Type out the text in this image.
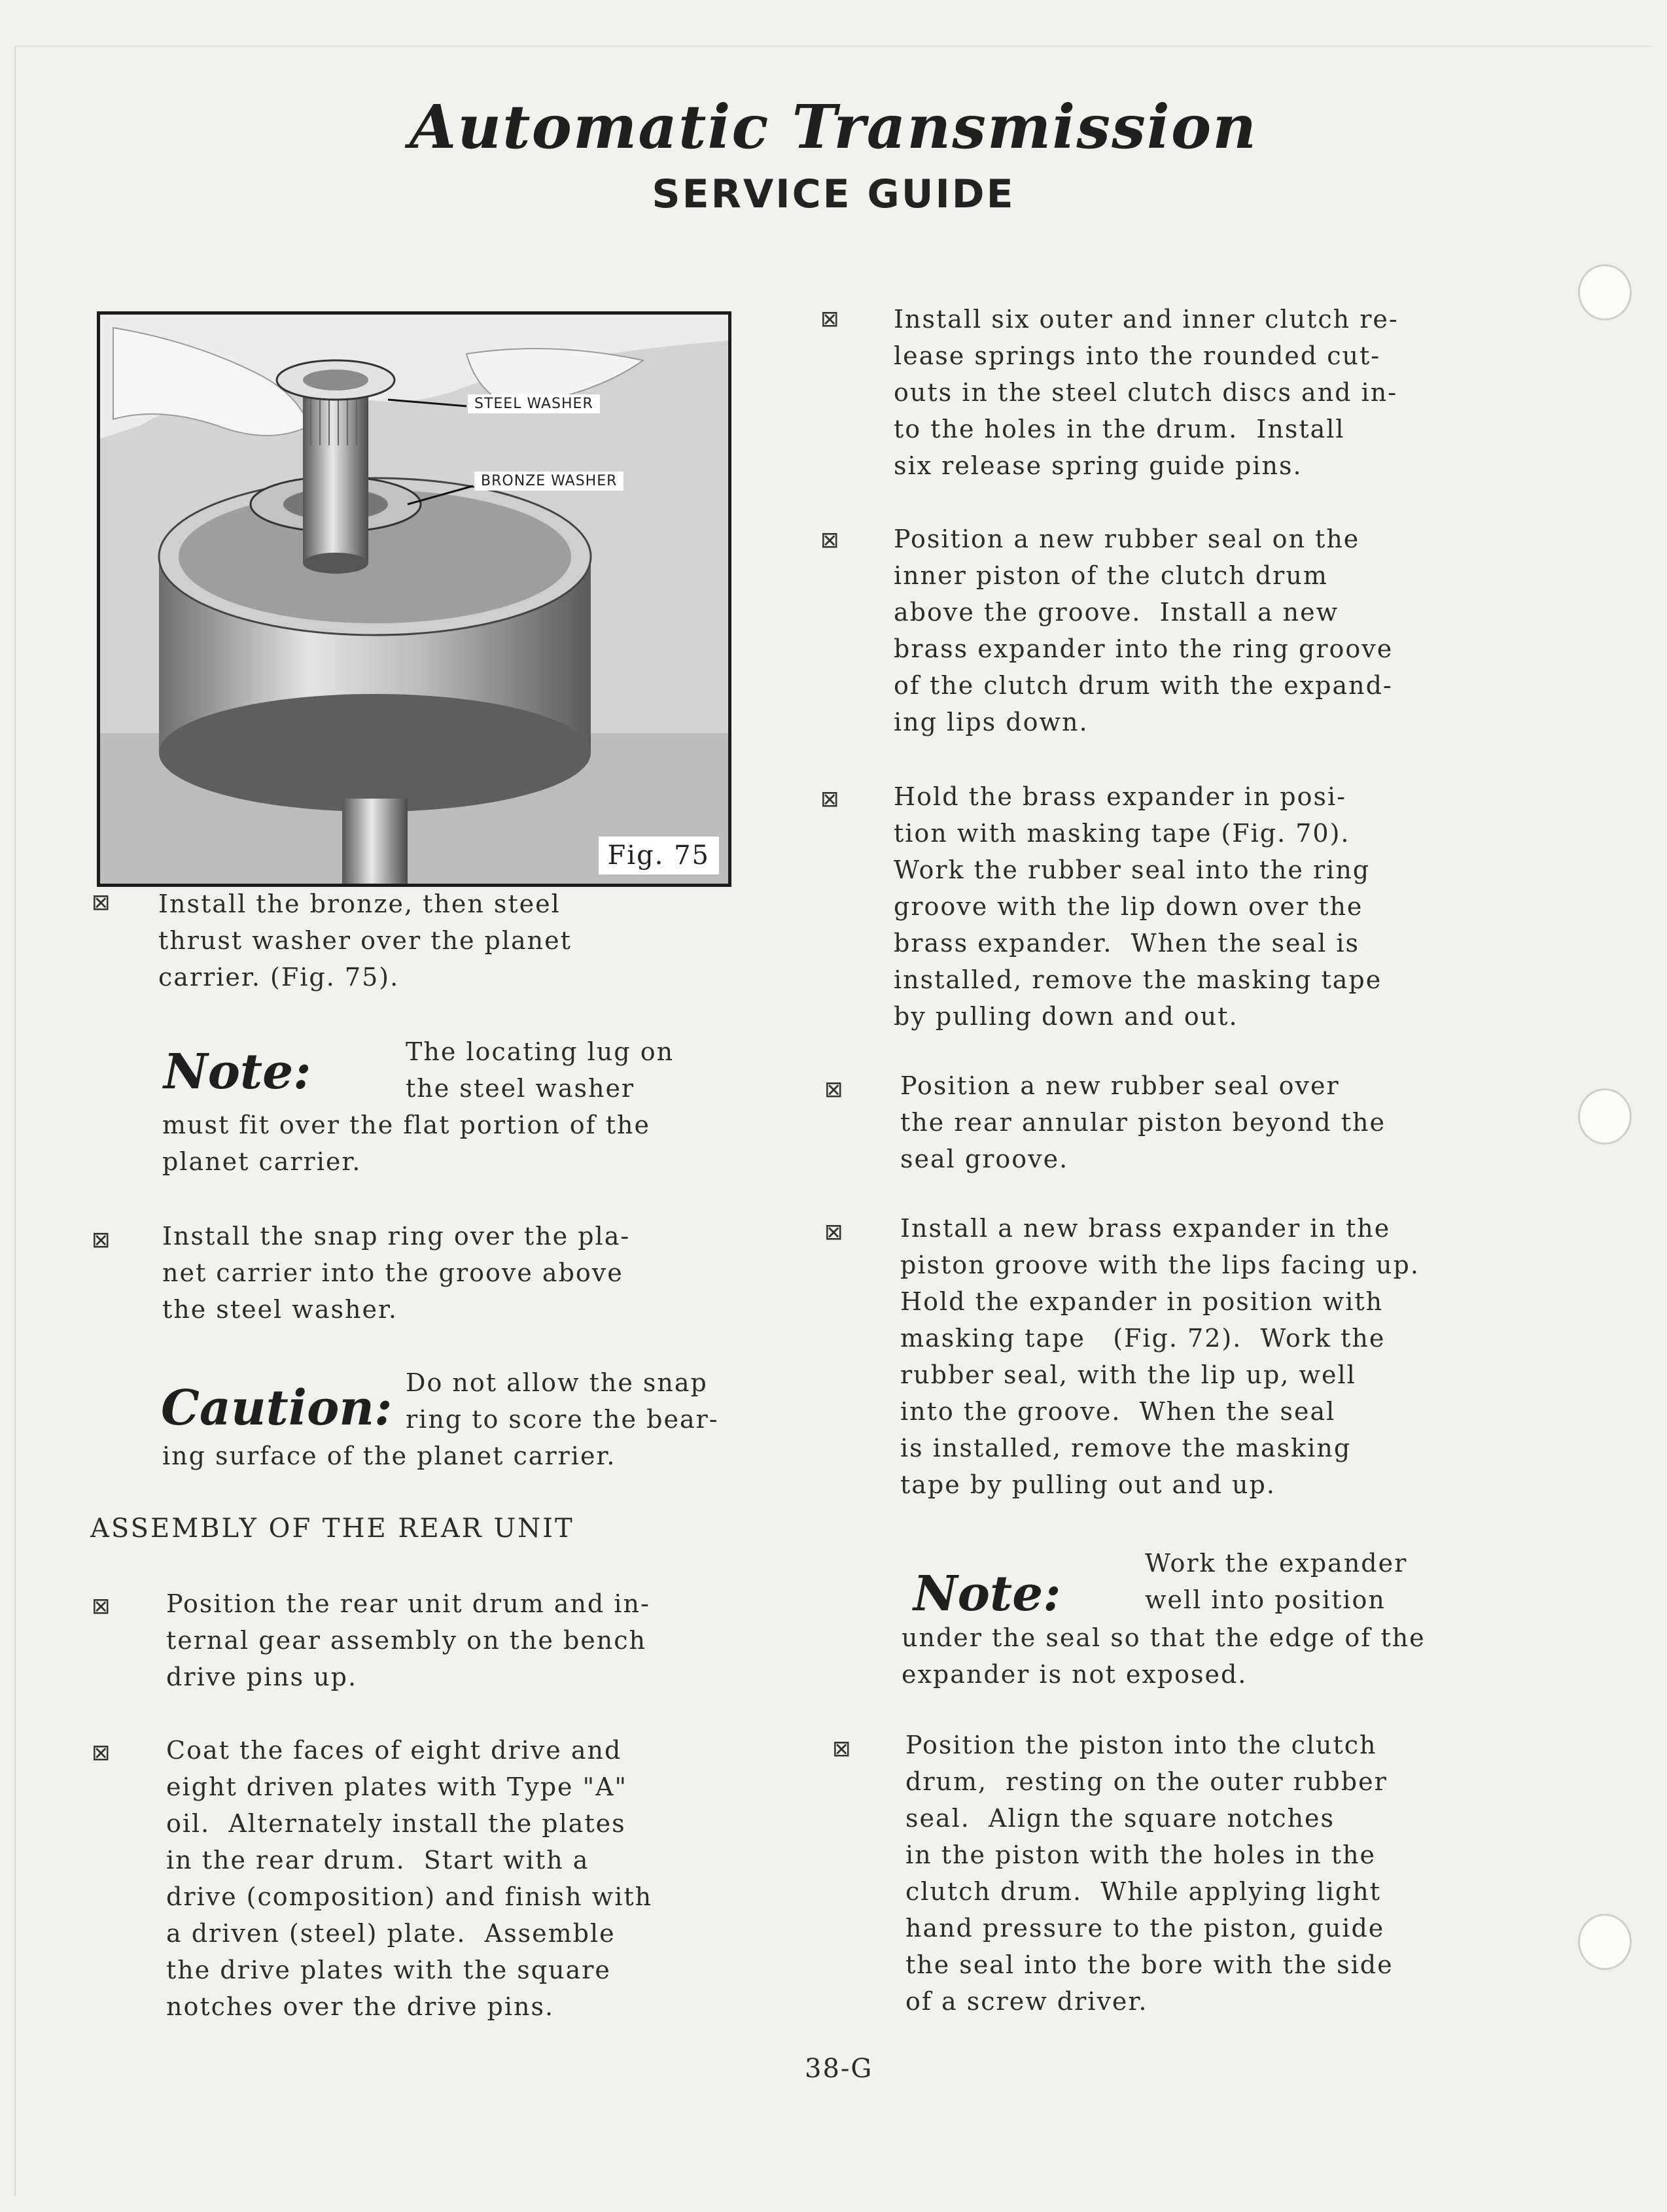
Automatic Transmission
SERVICE GUIDE
STEEL WASHER
BRONZE WASHER
Fig. 75
⊠ Install the bronze, then steel
thrust washer over the planet
carrier. (Fig. 75).
Note:	The locating lug on
the steel washer
must fit over the flat portion of the
planet carrier.
⊠ Install the snap ring over the pla-
net carrier into the groove above
the steel washer.
Caution: Do not allow the snap
ring to score the bear-
ing surface of the planet carrier.
ASSEMBLY OF THE REAR UNIT
⊠ Position the rear unit drum and in-
ternal gear assembly on the bench
drive pins up.
⊠ Coat the faces of eight drive and
eight driven plates with Type "A"
oil.  Alternately install the plates
in the rear drum.  Start with a
drive (composition) and finish with
a driven (steel) plate.  Assemble
the drive plates with the square
notches over the drive pins.
⊠ Install six outer and inner clutch re-
lease springs into the rounded cut-
outs in the steel clutch discs and in-
to the holes in the drum.  Install
six release spring guide pins.
⊠ Position a new rubber seal on the
inner piston of the clutch drum
above the groove.  Install a new
brass expander into the ring groove
of the clutch drum with the expand-
ing lips down.
⊠ Hold the brass expander in posi-
tion with masking tape (Fig. 70).
Work the rubber seal into the ring
groove with the lip down over the
brass expander.  When the seal is
installed, remove the masking tape
by pulling down and out.
⊠ Position a new rubber seal over
the rear annular piston beyond the
seal groove.
⊠ Install a new brass expander in the
piston groove with the lips facing up.
Hold the expander in position with
masking tape   (Fig. 72).  Work the
rubber seal, with the lip up, well
into the groove.  When the seal
is installed, remove the masking
tape by pulling out and up.
Note:
Work the expander
well into position
under the seal so that the edge of the
expander is not exposed.
⊠ Position the piston into the clutch
drum,  resting on the outer rubber
seal.  Align the square notches
in the piston with the holes in the
clutch drum.  While applying light
hand pressure to the piston, guide
the seal into the bore with the side
of a screw driver.
38-G
